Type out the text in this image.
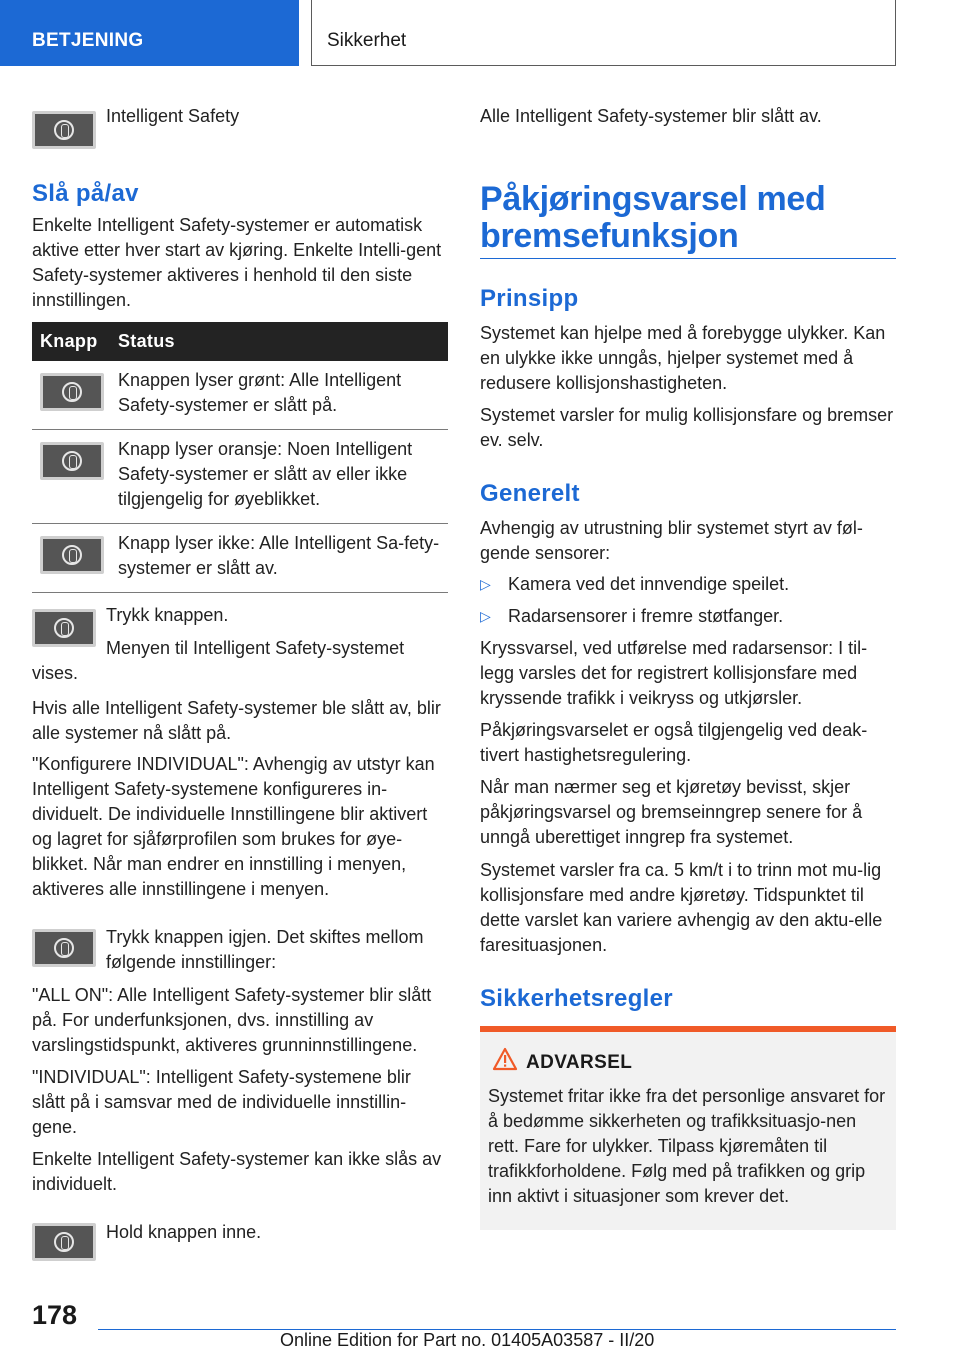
BETJENING	Sikkerhet

Intelligent Safety

Slå på/av

Enkelte Intelligent Safety-systemer er automatisk aktive etter hver start av kjøring. Enkelte Intelli-gent Safety-systemer aktiveres i henhold til den siste innstillingen.

Knapp	Status

	Knappen lyser grønt: Alle Intelligent Safety-systemer er slått på.

	Knapp lyser oransje: Noen Intelligent Safety-systemer er slått av eller ikke tilgjengelig for øyeblikket.

	Knapp lyser ikke: Alle Intelligent Sa-fety-systemer er slått av.

Trykk knappen.

Menyen til Intelligent Safety-systemet vises.

Hvis alle Intelligent Safety-systemer ble slått av, blir alle systemer nå slått på.

"Konfigurere INDIVIDUAL": Avhengig av utstyr kan Intelligent Safety-systemene konfigureres in-dividuelt. De individuelle Innstillingene blir aktivert og lagret for sjåførprofilen som brukes for øye-blikket. Når man endrer en innstilling i menyen, aktiveres alle innstillingene i menyen.

Trykk knappen igjen. Det skiftes mellom følgende innstillinger:

"ALL ON": Alle Intelligent Safety-systemer blir slått på. For underfunksjonen, dvs. innstilling av varslingstidspunkt, aktiveres grunninnstillingene.

"INDIVIDUAL": Intelligent Safety-systemene blir slått på i samsvar med de individuelle innstillin-gene.

Enkelte Intelligent Safety-systemer kan ikke slås av individuelt.

Hold knappen inne.

Alle Intelligent Safety-systemer blir slått av.

Påkjøringsvarsel med bremsefunksjon
Prinsipp

Systemet kan hjelpe med å forebygge ulykker. Kan en ulykke ikke unngås, hjelper systemet med å redusere kollisjonshastigheten.

Systemet varsler for mulig kollisjonsfare og bremser ev. selv.

Generelt

Avhengig av utrustning blir systemet styrt av føl-gende sensorer:

▷ Kamera ved det innvendige speilet.
▷ Radarsensorer i fremre støtfanger.

Kryssvarsel, ved utførelse med radarsensor: I til-legg varsles det for registrert kollisjonsfare med kryssende trafikk i veikryss og utkjørsler.

Påkjøringsvarselet er også tilgjengelig ved deak-tivert hastighetsregulering.

Når man nærmer seg et kjøretøy bevisst, skjer påkjøringsvarsel og bremseinngrep senere for å unngå uberettiget inngrep fra systemet.

Systemet varsler fra ca. 5 km/t i to trinn mot mu-lig kollisjonsfare med andre kjøretøy. Tidspunktet til dette varslet kan variere avhengig av den aktu-elle faresituasjonen.

Sikkerhetsregler
ADVARSEL

Systemet fritar ikke fra det personlige ansvaret for å bedømme sikkerheten og trafikksituasjo-nen rett. Fare for ulykker. Tilpass kjøremåten til trafikkforholdene. Følg med på trafikken og grip inn aktivt i situasjoner som krever det.

178
Online Edition for Part no. 01405A03587 - II/20
